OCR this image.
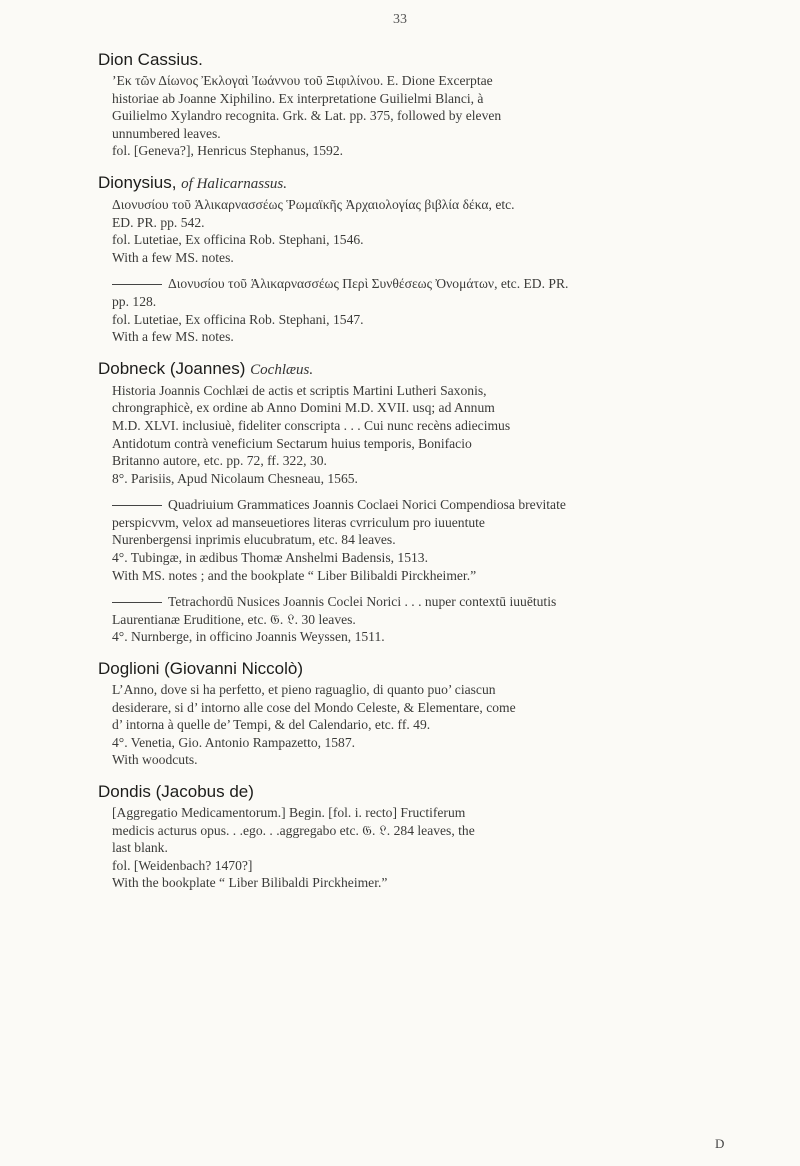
33
Dion Cassius.
’Εκ τῶν Δίωνος Ἐκλογαὶ Ἰωάννου τοῦ Ξιφιλίνου. E. Dione Excerptae
historiae ab Joanne Xiphilino. Ex interpretatione Guilielmi Blanci, à
Guilielmo Xylandro recognita. Grk. & Lat. pp. 375, followed by eleven
unnumbered leaves.
fol. [Geneva?], Henricus Stephanus, 1592.
Dionysius, of Halicarnassus.
Διονυσίου τοῦ Ἁλικαρνασσέως Ῥωμαϊκῆς Ἀρχαιολογίας βιβλία δέκα, etc.
ED. PR. pp. 542.
fol. Lutetiae, Ex officina Rob. Stephani, 1546.
With a few MS. notes.
Διονυσίου τοῦ Ἁλικαρνασσέως Περὶ Συνθέσεως Ὀνομάτων, etc. ED. PR.
pp. 128.
fol. Lutetiae, Ex officina Rob. Stephani, 1547.
With a few MS. notes.
Dobneck (Joannes) Cochlæus.
Historia Joannis Cochlæi de actis et scriptis Martini Lutheri Saxonis,
chrongraphicè, ex ordine ab Anno Domini M.D. XVII. usq; ad Annum
M.D. XLVI. inclusiuè, fideliter conscripta . . . Cui nunc recèns adiecimus
Antidotum contrà veneficium Sectarum huius temporis, Bonifacio
Britanno autore, etc. pp. 72, ff. 322, 30.
8°. Parisiis, Apud Nicolaum Chesneau, 1565.
Quadriuium Grammatices Joannis Coclaei Norici Compendiosa brevitate
perspicvvm, velox ad manseuetiores literas cvrriculum pro iuuentute
Nurenbergensi inprimis elucubratum, etc. 84 leaves.
4°. Tubingæ, in ædibus Thomæ Anshelmi Badensis, 1513.
With MS. notes ; and the bookplate “ Liber Bilibaldi Pirckheimer.”
Tetrachordū Nusices Joannis Coclei Norici . . . nuper contextū iuuētutis
Laurentianæ Eruditione, etc. 𝔊. 𝔏. 30 leaves.
4°. Nurnberge, in officino Joannis Weyssen, 1511.
Doglioni (Giovanni Niccolò)
L’Anno, dove si ha perfetto, et pieno raguaglio, di quanto puo’ ciascun
desiderare, si d’ intorno alle cose del Mondo Celeste, & Elementare, come
d’ intorna à quelle de’ Tempi, & del Calendario, etc. ff. 49.
4°. Venetia, Gio. Antonio Rampazetto, 1587.
With woodcuts.
Dondis (Jacobus de)
[Aggregatio Medicamentorum.] Begin. [fol. i. recto] Fructiferum
medicis acturus opus. . .ego. . .aggregabo etc. 𝔊. 𝔏. 284 leaves, the
last blank.
fol. [Weidenbach? 1470?]
With the bookplate “ Liber Bilibaldi Pirckheimer.”
D
